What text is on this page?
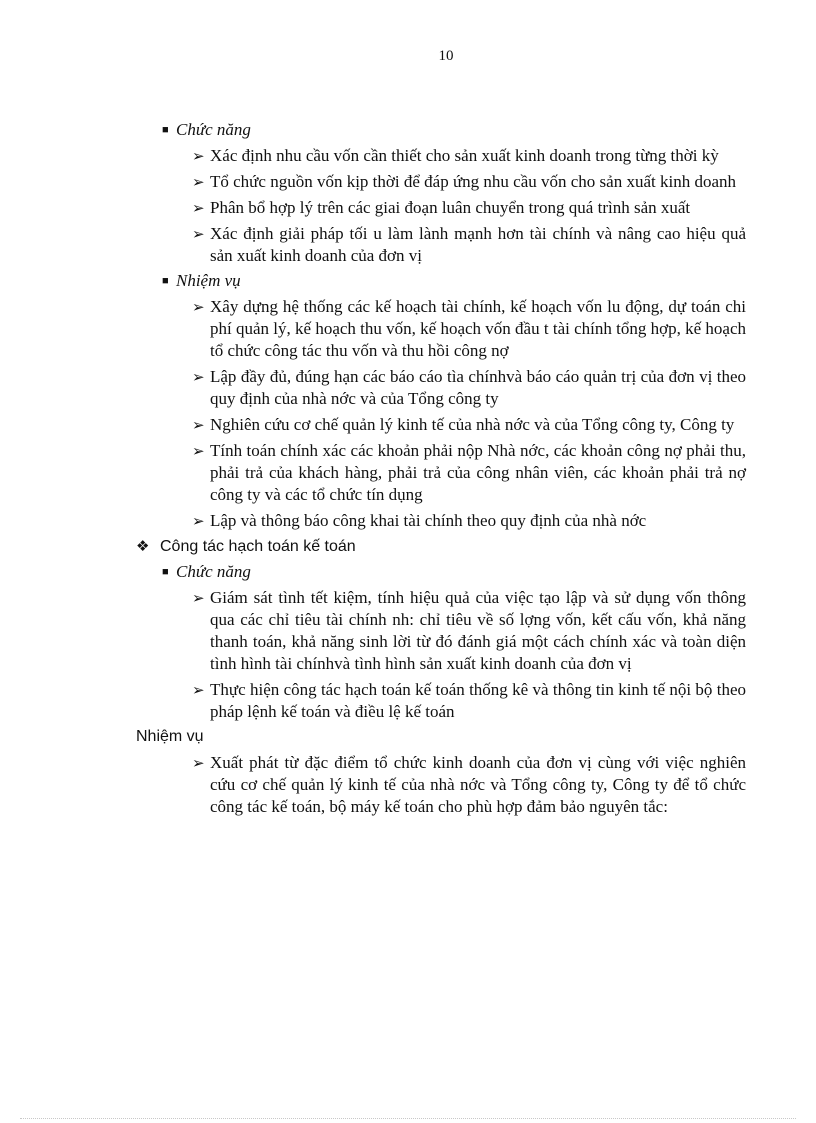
10
■ Chức năng
➢ Xác định nhu cầu vốn cần thiết cho sản xuất kinh doanh trong từng thời kỳ
➢ Tổ chức nguồn vốn kịp thời để đáp ứng nhu cầu vốn cho sản xuất kinh doanh
➢ Phân bổ hợp lý trên các giai đoạn luân chuyển trong quá trình sản xuất
➢ Xác định giải pháp tối u làm lành mạnh hơn tài chính và nâng cao hiệu quả sản xuất kinh doanh của đơn vị
■ Nhiệm vụ
➢ Xây dựng hệ thống các kế hoạch tài chính, kế hoạch vốn lu động, dự toán chi phí quản lý, kế hoạch thu vốn, kế hoạch vốn đầu t tài chính tổng hợp, kế hoạch tổ chức công tác thu vốn và thu hồi công nợ
➢ Lập đầy đủ, đúng hạn các báo cáo tìa chínhvà báo cáo quản trị của đơn vị theo quy định của nhà nớc và của Tổng công ty
➢ Nghiên cứu cơ chế quản lý kinh tế của nhà nớc và của Tổng công ty, Công ty
➢ Tính toán chính xác các khoản phải nộp Nhà nớc, các khoản công nợ phải thu, phải trả của khách hàng, phải trả của công nhân viên, các khoản phải trả nợ công ty và các tổ chức tín dụng
➢ Lập và thông báo công khai tài chính theo quy định của nhà nớc
❖ Công tác hạch toán kế toán
■ Chức năng
➢ Giám sát tình tết kiệm, tính hiệu quả của việc tạo lập và sử dụng vốn thông qua các chỉ tiêu tài chính nh: chỉ tiêu về số lợng vốn, kết cấu vốn, khả năng thanh toán, khả năng sinh lời từ đó đánh giá một cách chính xác và toàn diện tình hình tài chínhvà tình hình sản xuất kinh doanh của đơn vị
➢ Thực hiện công tác hạch toán kế toán thống kê và thông tin kinh tế nội bộ theo pháp lệnh kế toán và điều lệ kế toán
Nhiệm vụ
➢ Xuất phát từ đặc điểm tổ chức kinh doanh của đơn vị cùng với việc nghiên cứu cơ chế quản lý kinh tế của nhà nớc và Tổng công ty, Công ty để tổ chức công tác kế toán, bộ máy kế toán cho phù hợp đảm bảo nguyên tắc:
